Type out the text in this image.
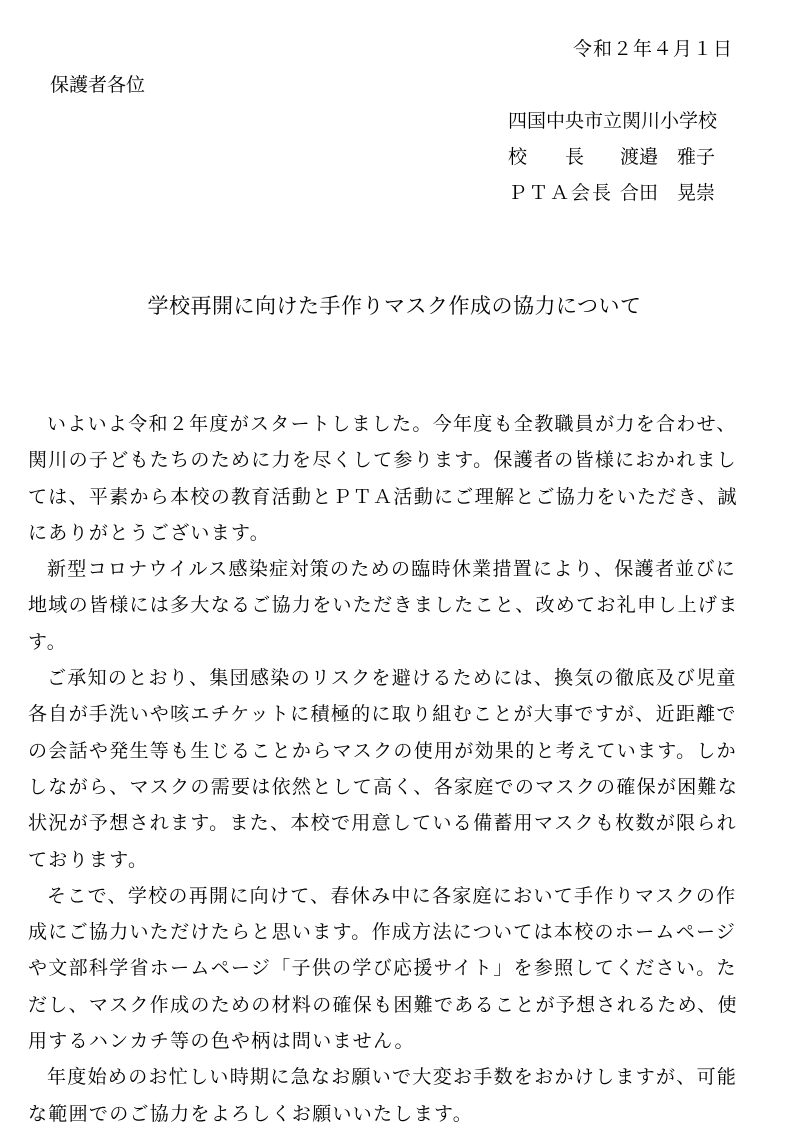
令和２年４月１日
保護者各位
四国中央市立関川小学校
校　　長 渡邉　雅子
ＰＴＡ会長 合田　晃崇
学校再開に向けた手作りマスク作成の協力について
いよいよ令和２年度がスタートしました。今年度も全教職員が力を合わせ、
関川の子どもたちのために力を尽くして参ります。保護者の皆様におかれまし
ては、平素から本校の教育活動とＰＴＡ活動にご理解とご協力をいただき、誠
にありがとうございます。
新型コロナウイルス感染症対策のための臨時休業措置により、保護者並びに
地域の皆様には多大なるご協力をいただきましたこと、改めてお礼申し上げま
す。
ご承知のとおり、集団感染のリスクを避けるためには、換気の徹底及び児童
各自が手洗いや咳エチケットに積極的に取り組むことが大事ですが、近距離で
の会話や発生等も生じることからマスクの使用が効果的と考えています。しか
しながら、マスクの需要は依然として高く、各家庭でのマスクの確保が困難な
状況が予想されます。また、本校で用意している備蓄用マスクも枚数が限られ
ております。
そこで、学校の再開に向けて、春休み中に各家庭において手作りマスクの作
成にご協力いただけたらと思います。作成方法については本校のホームページ
や文部科学省ホームページ「子供の学び応援サイト」を参照してください。た
だし、マスク作成のための材料の確保も困難であることが予想されるため、使
用するハンカチ等の色や柄は問いません。
年度始めのお忙しい時期に急なお願いで大変お手数をおかけしますが、可能
な範囲でのご協力をよろしくお願いいたします。
